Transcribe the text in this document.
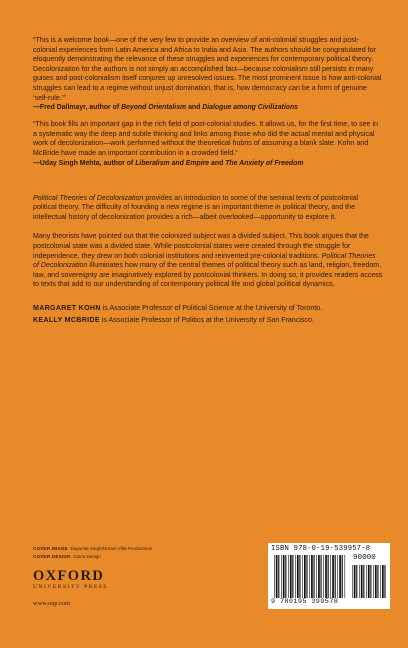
“This is a welcome book—one of the very few to provide an overview of anti-colonial struggles and post-colonial experiences from Latin America and Africa to India and Asia. The authors should be congratulated for eloquently demonstrating the relevance of these struggles and experiences for contemporary political theory. Decolonization for the authors is not simply an accomplished fact—because colonialism still persists in many guises and post-colonialism itself conjures up unresolved issues. The most prominent issue is how anti-colonial struggles can lead to a regime without unjust domination, that is, how democracy can be a form of genuine ‘self-rule.’”

—Fred Dallmayr, author of Beyond Orientalism and Dialogue among Civilizations

“This book fills an important gap in the rich field of post-colonial studies. It allows us, for the first time, to see in a systematic way the deep and subtle thinking and links among those who did the actual mental and physical work of decolonization—work performed without the theoretical hubris of assuming a blank slate. Kohn and McBride have made an important contribution in a crowded field.”

—Uday Singh Mehta, author of Liberalism and Empire and The Anxiety of Freedom

Political Theories of Decolonization provides an introduction to some of the seminal texts of postcolonial political theory. The difficulty of founding a new regime is an important theme in political theory, and the intellectual history of decolonization provides a rich—albeit overlooked—opportunity to explore it.

Many theorists have pointed out that the colonized subject was a divided subject. This book argues that the postcolonial state was a divided state. While postcolonial states were created through the struggle for independence, they drew on both colonial institutions and reinvented pre-colonial traditions. Political Theories of Decolonization illuminates how many of the central themes of political theory such as land, religion, freedom, law, and sovereignty are imaginatively explored by postcolonial thinkers. In doing so, it provides readers access to texts that add to our understanding of contemporary political life and global political dynamics.

MARGARET KOHN is Associate Professor of Political Science at the University of Toronto.

KEALLY MCBRIDE is Associate Professor of Politics at the University of San Francisco.

COVER IMAGE Dayanita Singh/Dream Villa Productions
COVER DESIGN Ciano Design
OXFORD
UNIVERSITY PRESS
www.oup.com
ISBN 978-0-19-539957-8
90000
9 780195 399578
